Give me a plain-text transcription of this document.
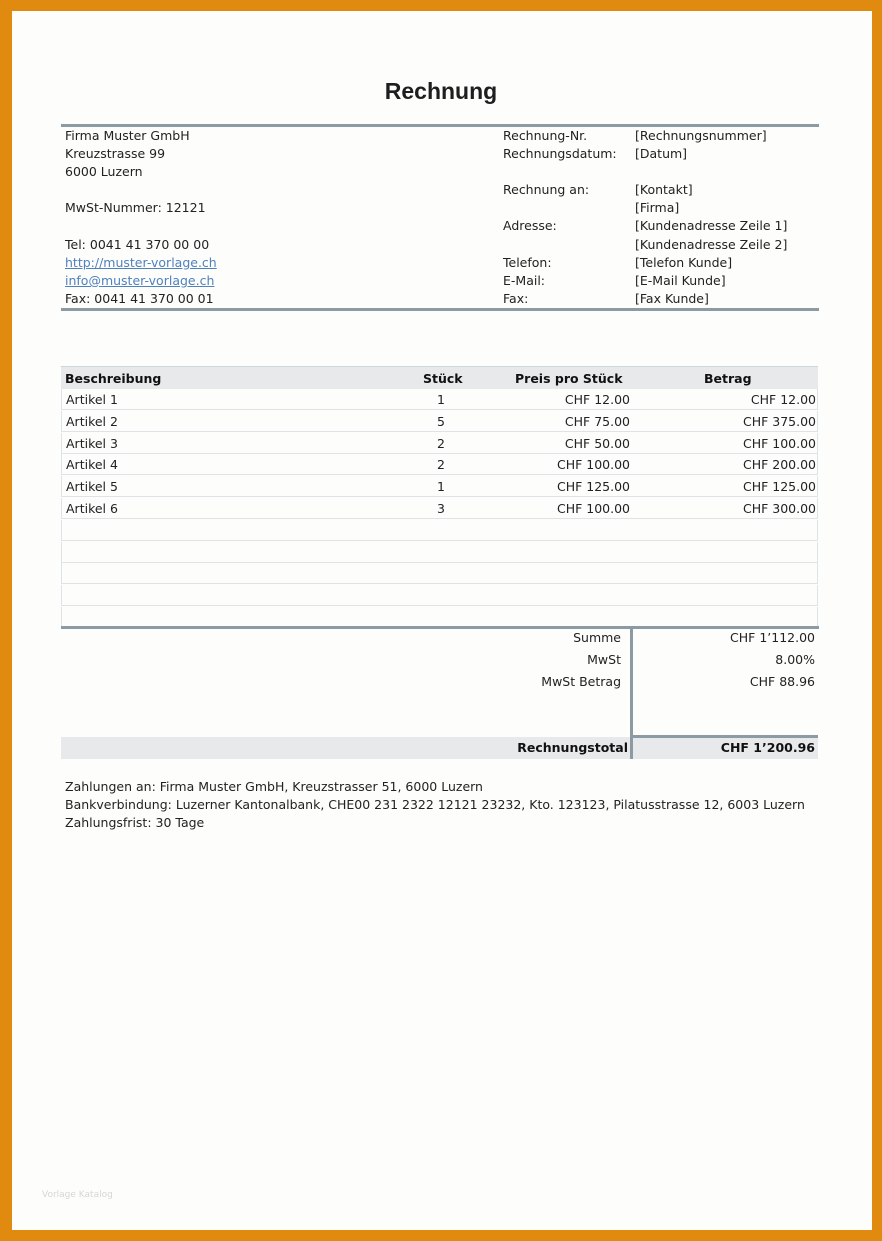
Rechnung
Firma Muster GmbH
Kreuzstrasse 99
6000 Luzern
MwSt-Nummer: 12121
Tel: 0041 41 370 00 00
http://muster-vorlage.ch
info@muster-vorlage.ch
Fax: 0041 41 370 00 01
Rechnung-Nr.	[Rechnungsnummer]
Rechnungsdatum: [Datum]
Rechnung an:	[Kontakt]
[Firma]
Adresse:	[Kundenadresse Zeile 1]
[Kundenadresse Zeile 2]
Telefon:	[Telefon Kunde]
E-Mail:	[E-Mail Kunde]
Fax:	[Fax Kunde]
Beschreibung	Stück	Preis pro Stück	Betrag
Artikel 1	1	CHF 12.00	CHF 12.00
Artikel 2	5	CHF 75.00	CHF 375.00
Artikel 3	2	CHF 50.00	CHF 100.00
Artikel 4	2	CHF 100.00	CHF 200.00
Artikel 5	1	CHF 125.00	CHF 125.00
Artikel 6	3	CHF 100.00	CHF 300.00
Summe	CHF 1’112.00
MwSt	8.00%
MwSt Betrag	CHF 88.96
Rechnungstotal	CHF 1’200.96
Zahlungen an: Firma Muster GmbH, Kreuzstrasser 51, 6000 Luzern
Bankverbindung: Luzerner Kantonalbank, CHE00 231 2322 12121 23232, Kto. 123123, Pilatusstrasse 12, 6003 Luzern
Zahlungsfrist: 30 Tage
Vorlage Katalog
